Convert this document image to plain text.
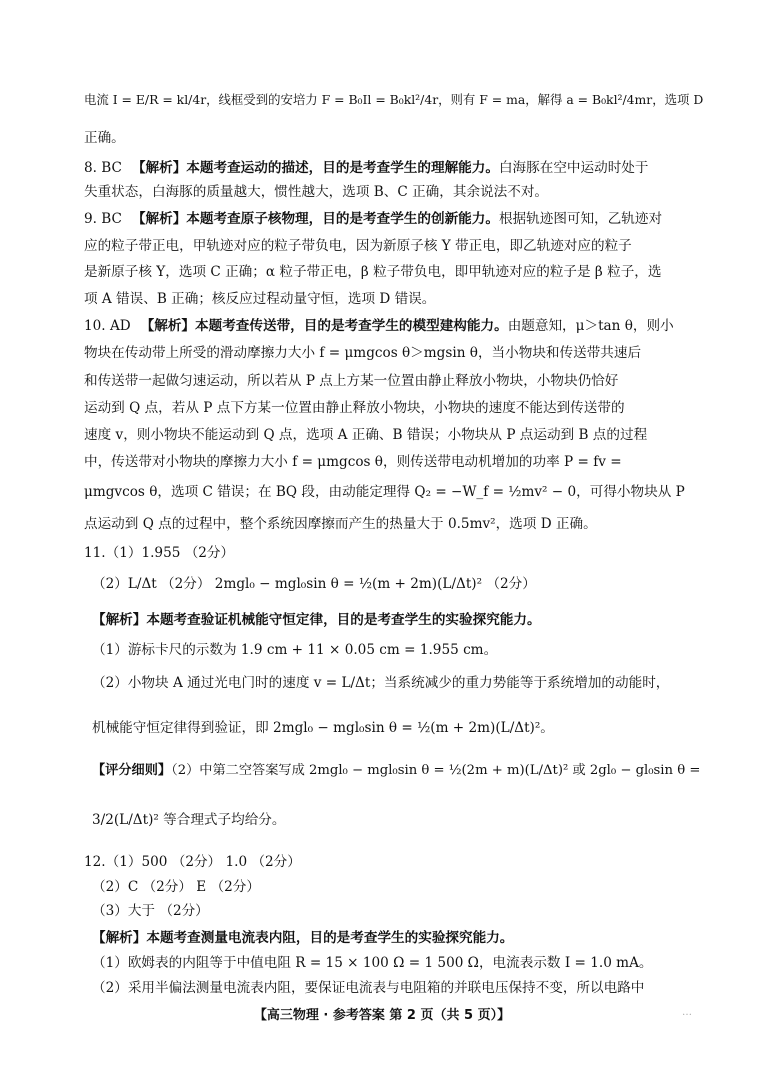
电流 I = E/R = kl/4r，线框受到的安培力 F = B₀Il = B₀kl²/4r，则有 F = ma，解得 a = B₀kl²/4mr，选项 D
正确。
8. BC 【解析】本题考查运动的描述，目的是考查学生的理解能力。白海豚在空中运动时处于
失重状态，白海豚的质量越大，惯性越大，选项 B、C 正确，其余说法不对。
9. BC 【解析】本题考查原子核物理，目的是考查学生的创新能力。根据轨迹图可知，乙轨迹对
应的粒子带正电，甲轨迹对应的粒子带负电，因为新原子核 Y 带正电，即乙轨迹对应的粒子
是新原子核 Y，选项 C 正确；α 粒子带正电，β 粒子带负电，即甲轨迹对应的粒子是 β 粒子，选
项 A 错误、B 正确；核反应过程动量守恒，选项 D 错误。
10. AD 【解析】本题考查传送带，目的是考查学生的模型建构能力。由题意知，μ＞tan θ，则小
物块在传动带上所受的滑动摩擦力大小 f = μmgcos θ＞mgsin θ，当小物块和传送带共速后
和传送带一起做匀速运动，所以若从 P 点上方某一位置由静止释放小物块，小物块仍恰好
运动到 Q 点，若从 P 点下方某一位置由静止释放小物块，小物块的速度不能达到传送带的
速度 v，则小物块不能运动到 Q 点，选项 A 正确、B 错误；小物块从 P 点运动到 B 点的过程
中，传送带对小物块的摩擦力大小 f = μmgcos θ，则传送带电动机增加的功率 P = fv =
μmgvcos θ，选项 C 错误；在 BQ 段，由动能定理得 Q₂ = −W_f = ½mv² − 0，可得小物块从 P
点运动到 Q 点的过程中，整个系统因摩擦而产生的热量大于 0.5mv²，选项 D 正确。
11.（1）1.955 （2分）
（2）L/Δt （2分） 2mgl₀ − mgl₀sin θ = ½(m + 2m)(L/Δt)² （2分）
【解析】本题考查验证机械能守恒定律，目的是考查学生的实验探究能力。
（1）游标卡尺的示数为 1.9 cm + 11 × 0.05 cm = 1.955 cm。
（2）小物块 A 通过光电门时的速度 v = L/Δt；当系统减少的重力势能等于系统增加的动能时，
机械能守恒定律得到验证，即 2mgl₀ − mgl₀sin θ = ½(m + 2m)(L/Δt)²。
【评分细则】（2）中第二空答案写成 2mgl₀ − mgl₀sin θ = ½(2m + m)(L/Δt)² 或 2gl₀ − gl₀sin θ =
3/2(L/Δt)² 等合理式子均给分。
12.（1）500 （2分） 1.0 （2分）
（2）C （2分） E （2分）
（3）大于 （2分）
【解析】本题考查测量电流表内阻，目的是考查学生的实验探究能力。
（1）欧姆表的内阻等于中值电阻 R = 15 × 100 Ω = 1 500 Ω，电流表示数 I = 1.0 mA。
（2）采用半偏法测量电流表内阻，要保证电流表与电阻箱的并联电压保持不变，所以电路中
【高三物理 · 参考答案 第 2 页（共 5 页）】	…
